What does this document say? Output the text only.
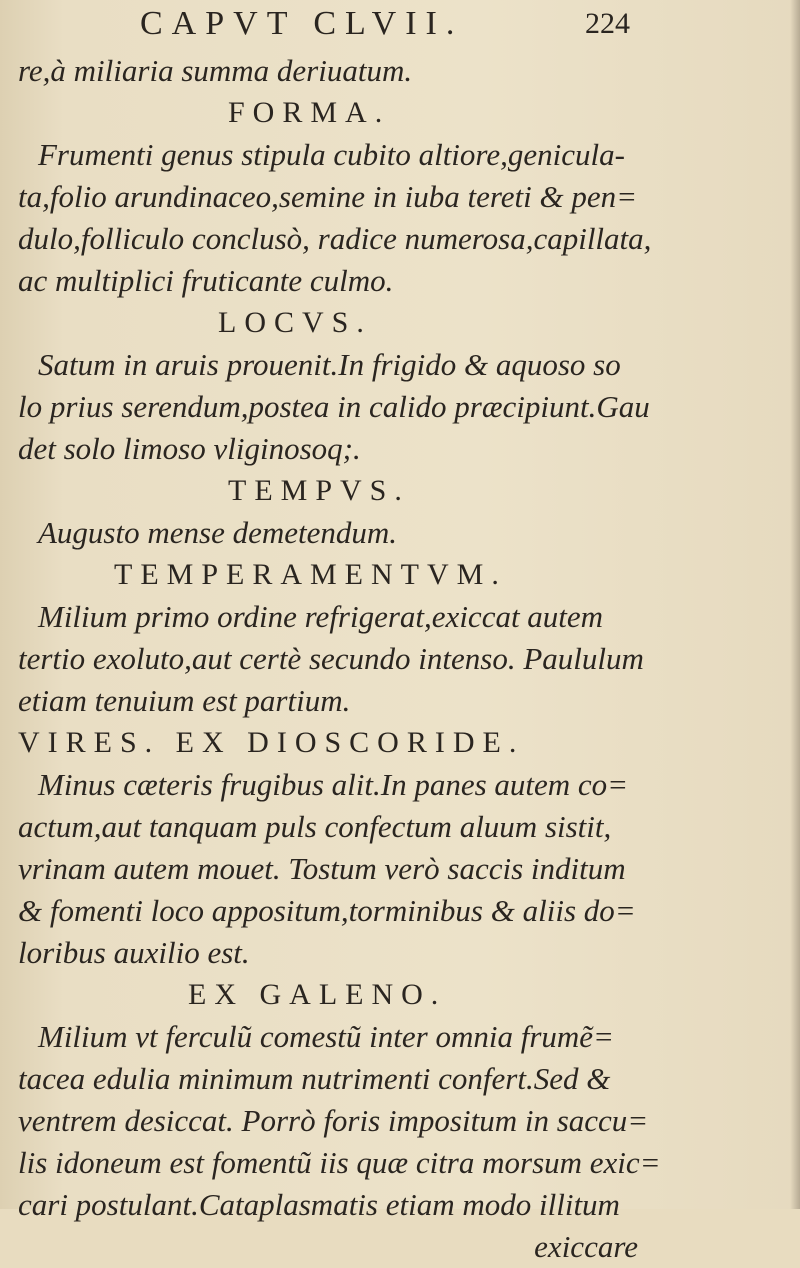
CAPVT CLVII.	224
re,à miliaria summa deriuatum.
FORMA.
Frumenti genus stipula cubito altiore,genicula-
ta,folio arundinaceo,semine in iuba tereti & pen=
dulo,folliculo conclusò, radice numerosa,capillata,
ac multiplici fruticante culmo.
LOCVS.
Satum in aruis prouenit.In frigido & aquoso so
lo prius serendum,postea in calido præcipiunt.Gau
det solo limoso vliginosoq;.
TEMPVS.
Augusto mense demetendum.
TEMPERAMENTVM.
Milium primo ordine refrigerat,exiccat autem
tertio exoluto,aut certè secundo intenso. Paululum
etiam tenuium est partium.
VIRES. EX DIOSCORIDE.
Minus cæteris frugibus alit.In panes autem co=
actum,aut tanquam puls confectum aluum sistit,
vrinam autem mouet. Tostum verò saccis inditum
& fomenti loco appositum,torminibus & aliis do=
loribus auxilio est.
EX GALENO.
Milium vt ferculũ comestũ inter omnia frumẽ=
tacea edulia minimum nutrimenti confert.Sed &
ventrem desiccat. Porrò foris impositum in saccu=
lis idoneum est fomentũ iis quæ citra morsum exic=
cari postulant.Cataplasmatis etiam modo illitum
exiccare
